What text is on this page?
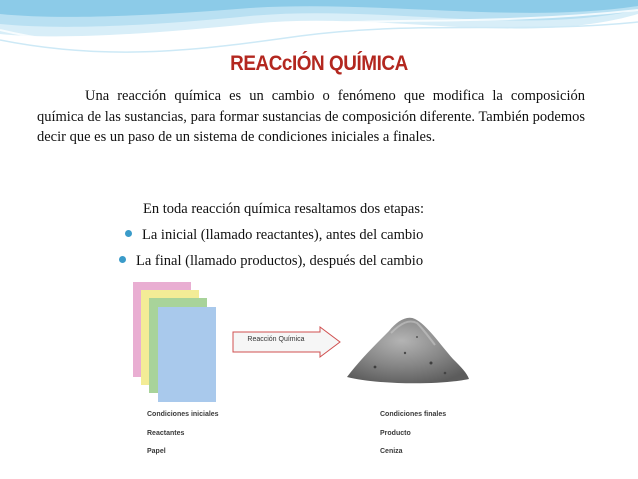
REACcIÓN QUÍMICA
Una reacción química es un cambio o fenómeno que modifica la composición química de las sustancias, para formar sustancias de composición diferente. También podemos decir que es un paso de un sistema de condiciones iniciales a finales.
En toda reacción química resaltamos dos etapas:
La inicial (llamado reactantes), antes del cambio
La final (llamado productos), después del cambio
Reacción Química
Condiciones iniciales
Reactantes
Papel
Condiciones finales
Producto
Ceniza
